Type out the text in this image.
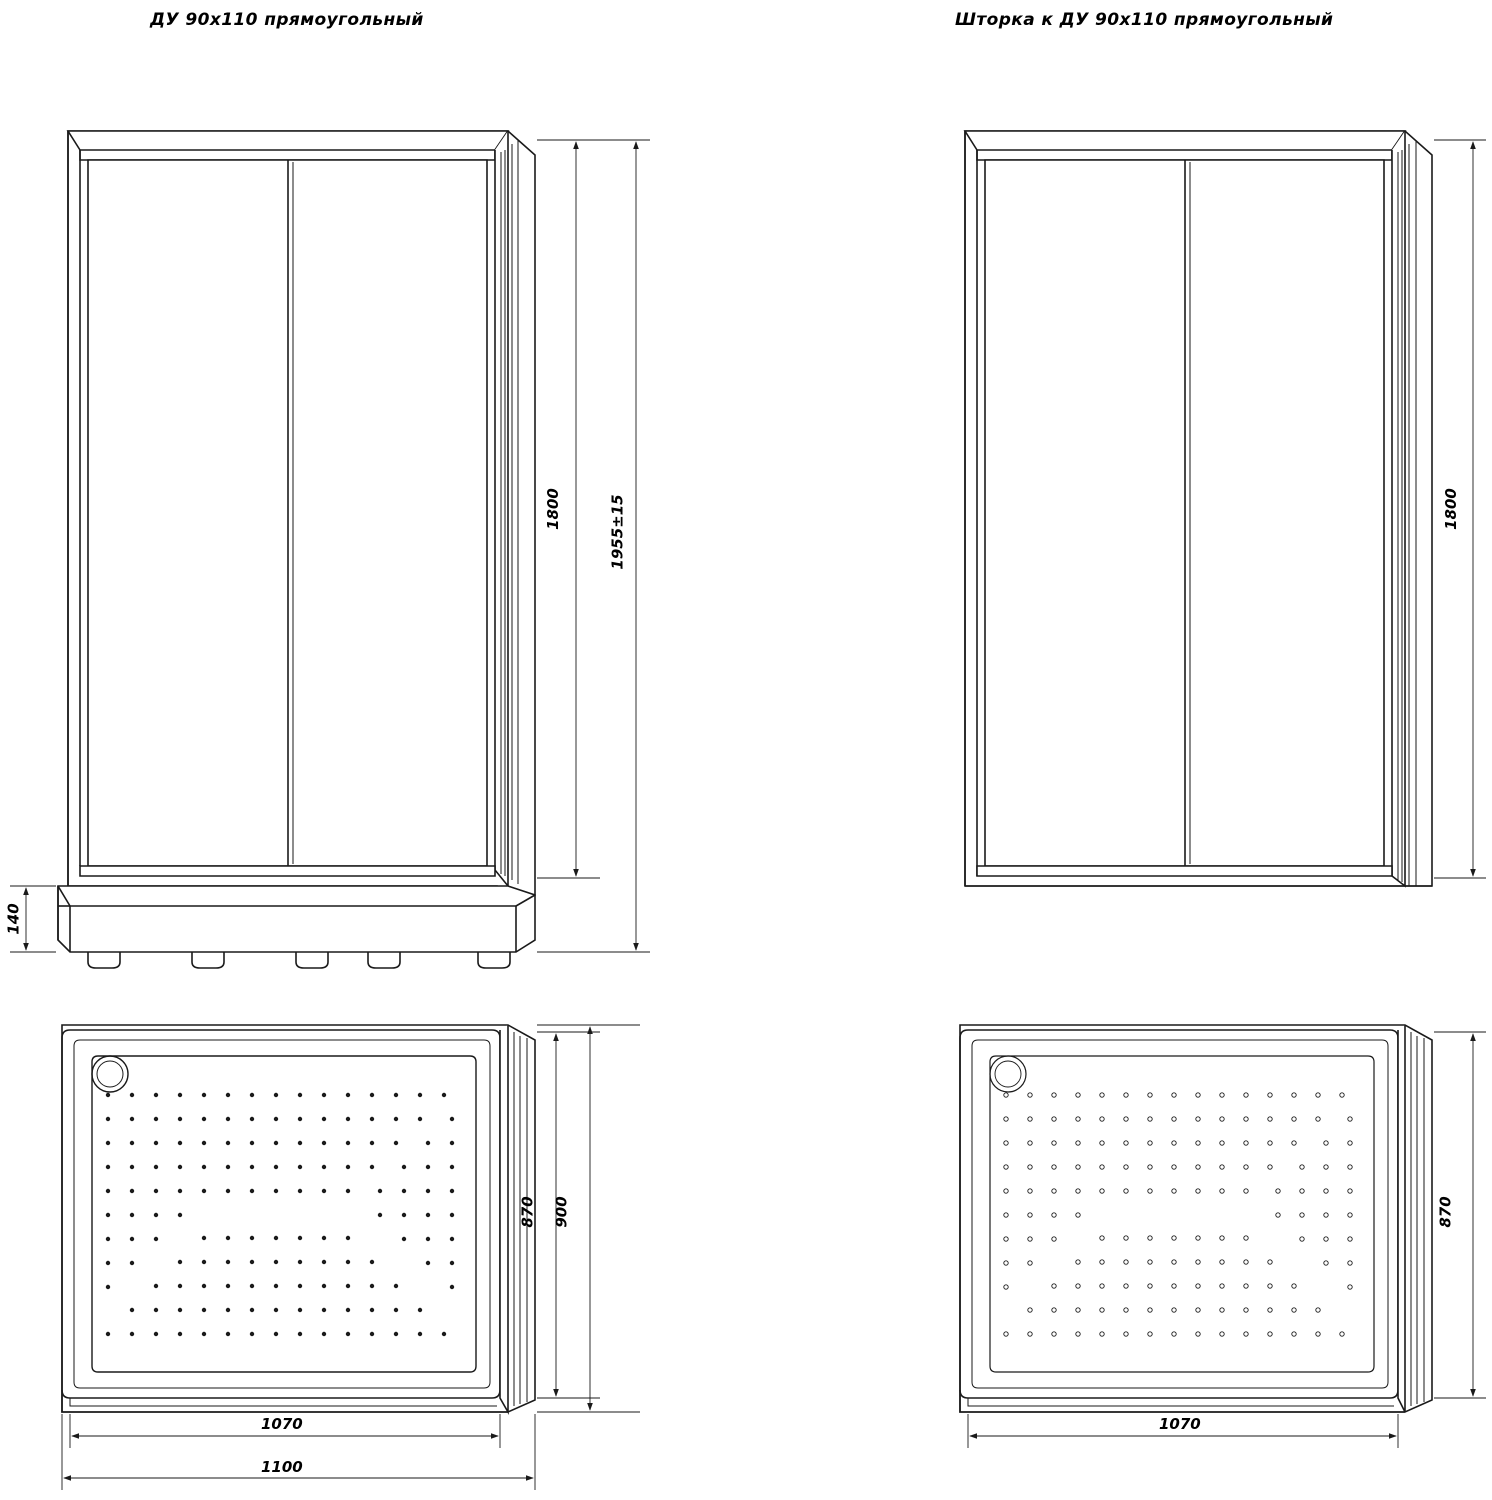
ДУ 90х110 прямоугольный	Шторка к ДУ 90х110 прямоугольный
1800	1955±15
140
1800
870 900
1070
1100
870
1070
